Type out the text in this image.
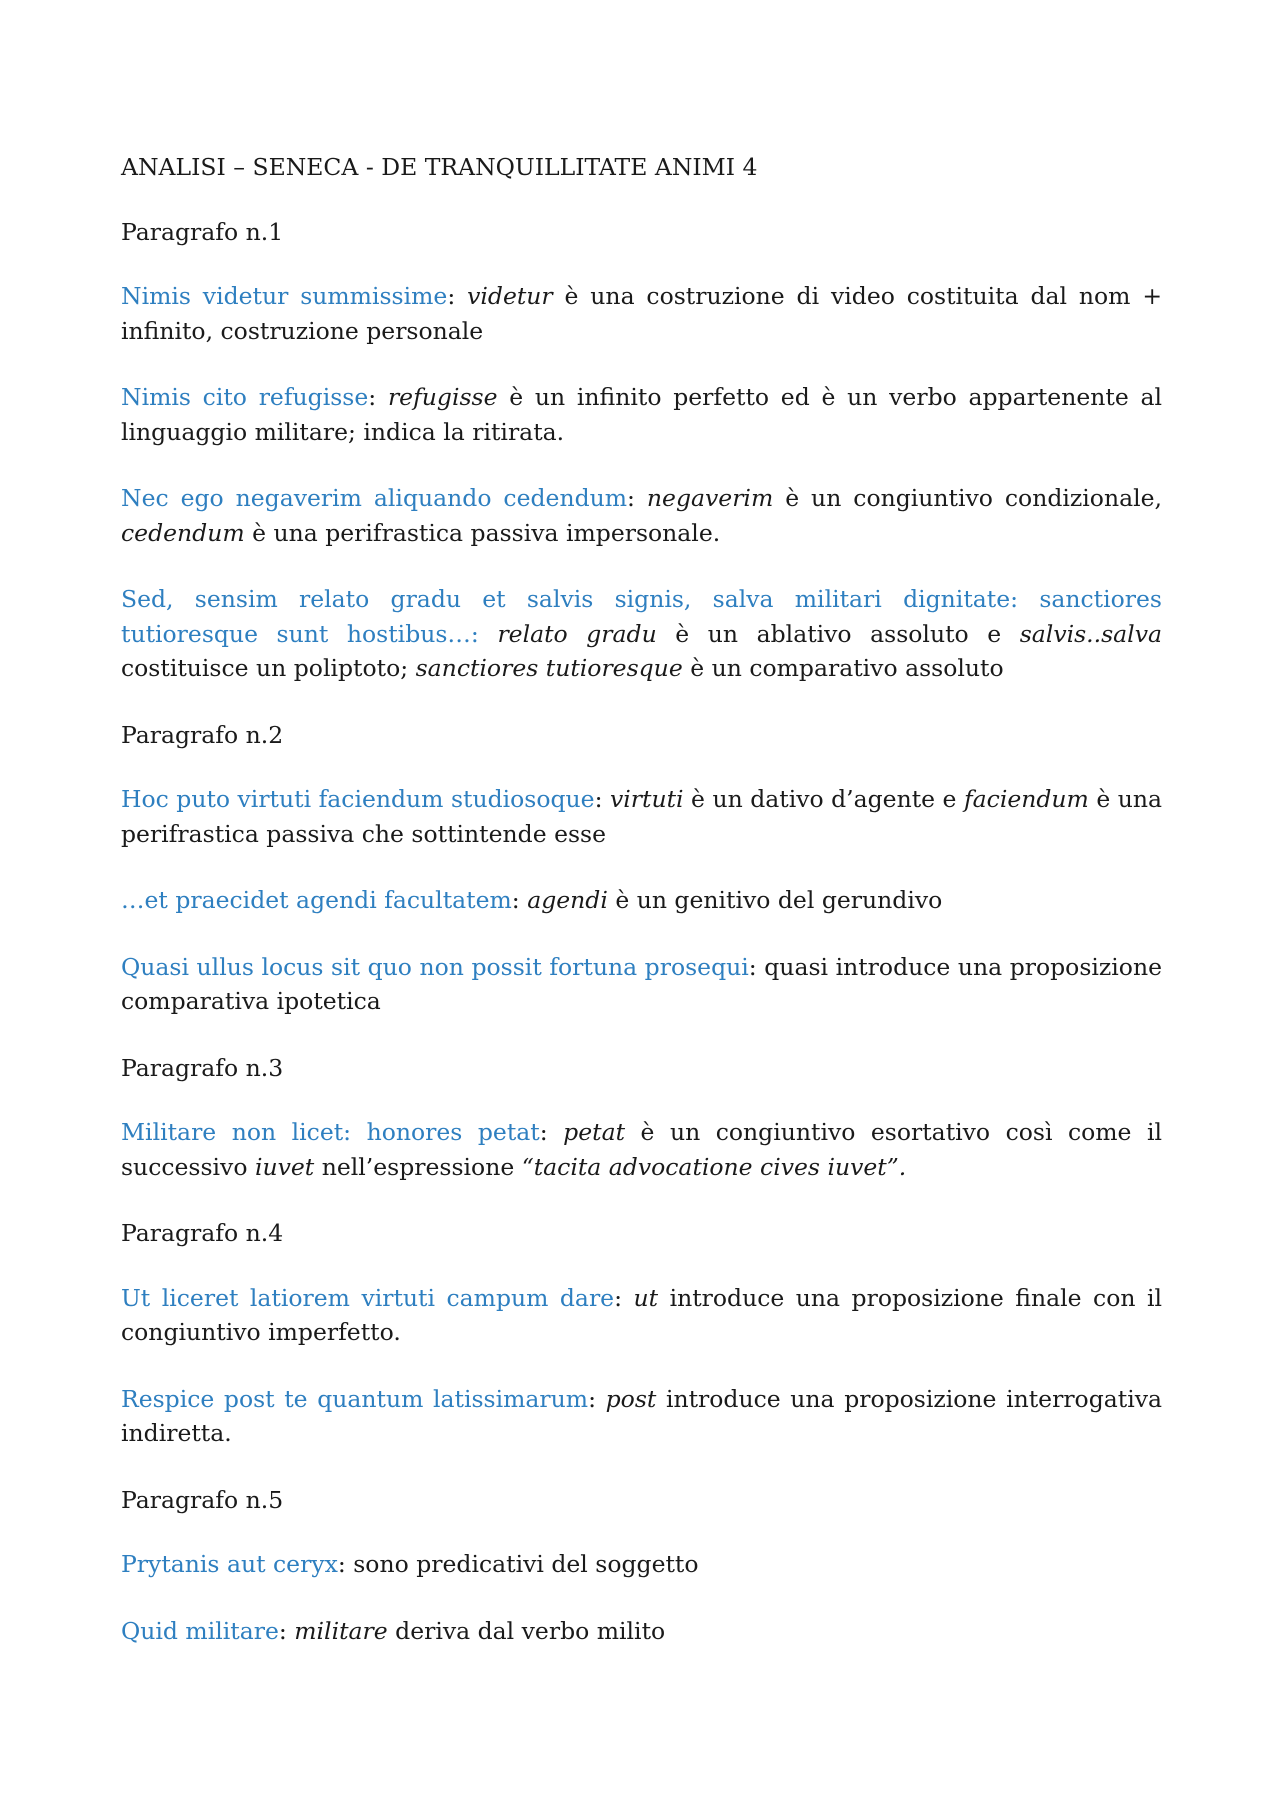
ANALISI – SENECA - DE TRANQUILLITATE ANIMI 4

Paragrafo n.1

Nimis videtur summissime: videtur è una costruzione di video costituita dal nom + infinito, costruzione personale

Nimis cito refugisse: refugisse è un infinito perfetto ed è un verbo appartenente al linguaggio militare; indica la ritirata.

Nec ego negaverim aliquando cedendum: negaverim è un congiuntivo condizionale, cedendum è una perifrastica passiva impersonale.

Sed, sensim relato gradu et salvis signis, salva militari dignitate: sanctiores tutioresque sunt hostibus…: relato gradu è un ablativo assoluto e salvis..salva costituisce un poliptoto; sanctiores tutioresque è un comparativo assoluto

Paragrafo n.2

Hoc puto virtuti faciendum studiosoque: virtuti è un dativo d’agente e faciendum è una perifrastica passiva che sottintende esse

…et praecidet agendi facultatem: agendi è un genitivo del gerundivo

Quasi ullus locus sit quo non possit fortuna prosequi: quasi introduce una proposizione comparativa ipotetica

Paragrafo n.3

Militare non licet: honores petat: petat è un congiuntivo esortativo così come il successivo iuvet nell’espressione “tacita advocatione cives iuvet”.

Paragrafo n.4

Ut liceret latiorem virtuti campum dare: ut introduce una proposizione finale con il congiuntivo imperfetto.

Respice post te quantum latissimarum: post introduce una proposizione interrogativa indiretta.

Paragrafo n.5

Prytanis aut ceryx: sono predicativi del soggetto

Quid militare: militare deriva dal verbo milito
